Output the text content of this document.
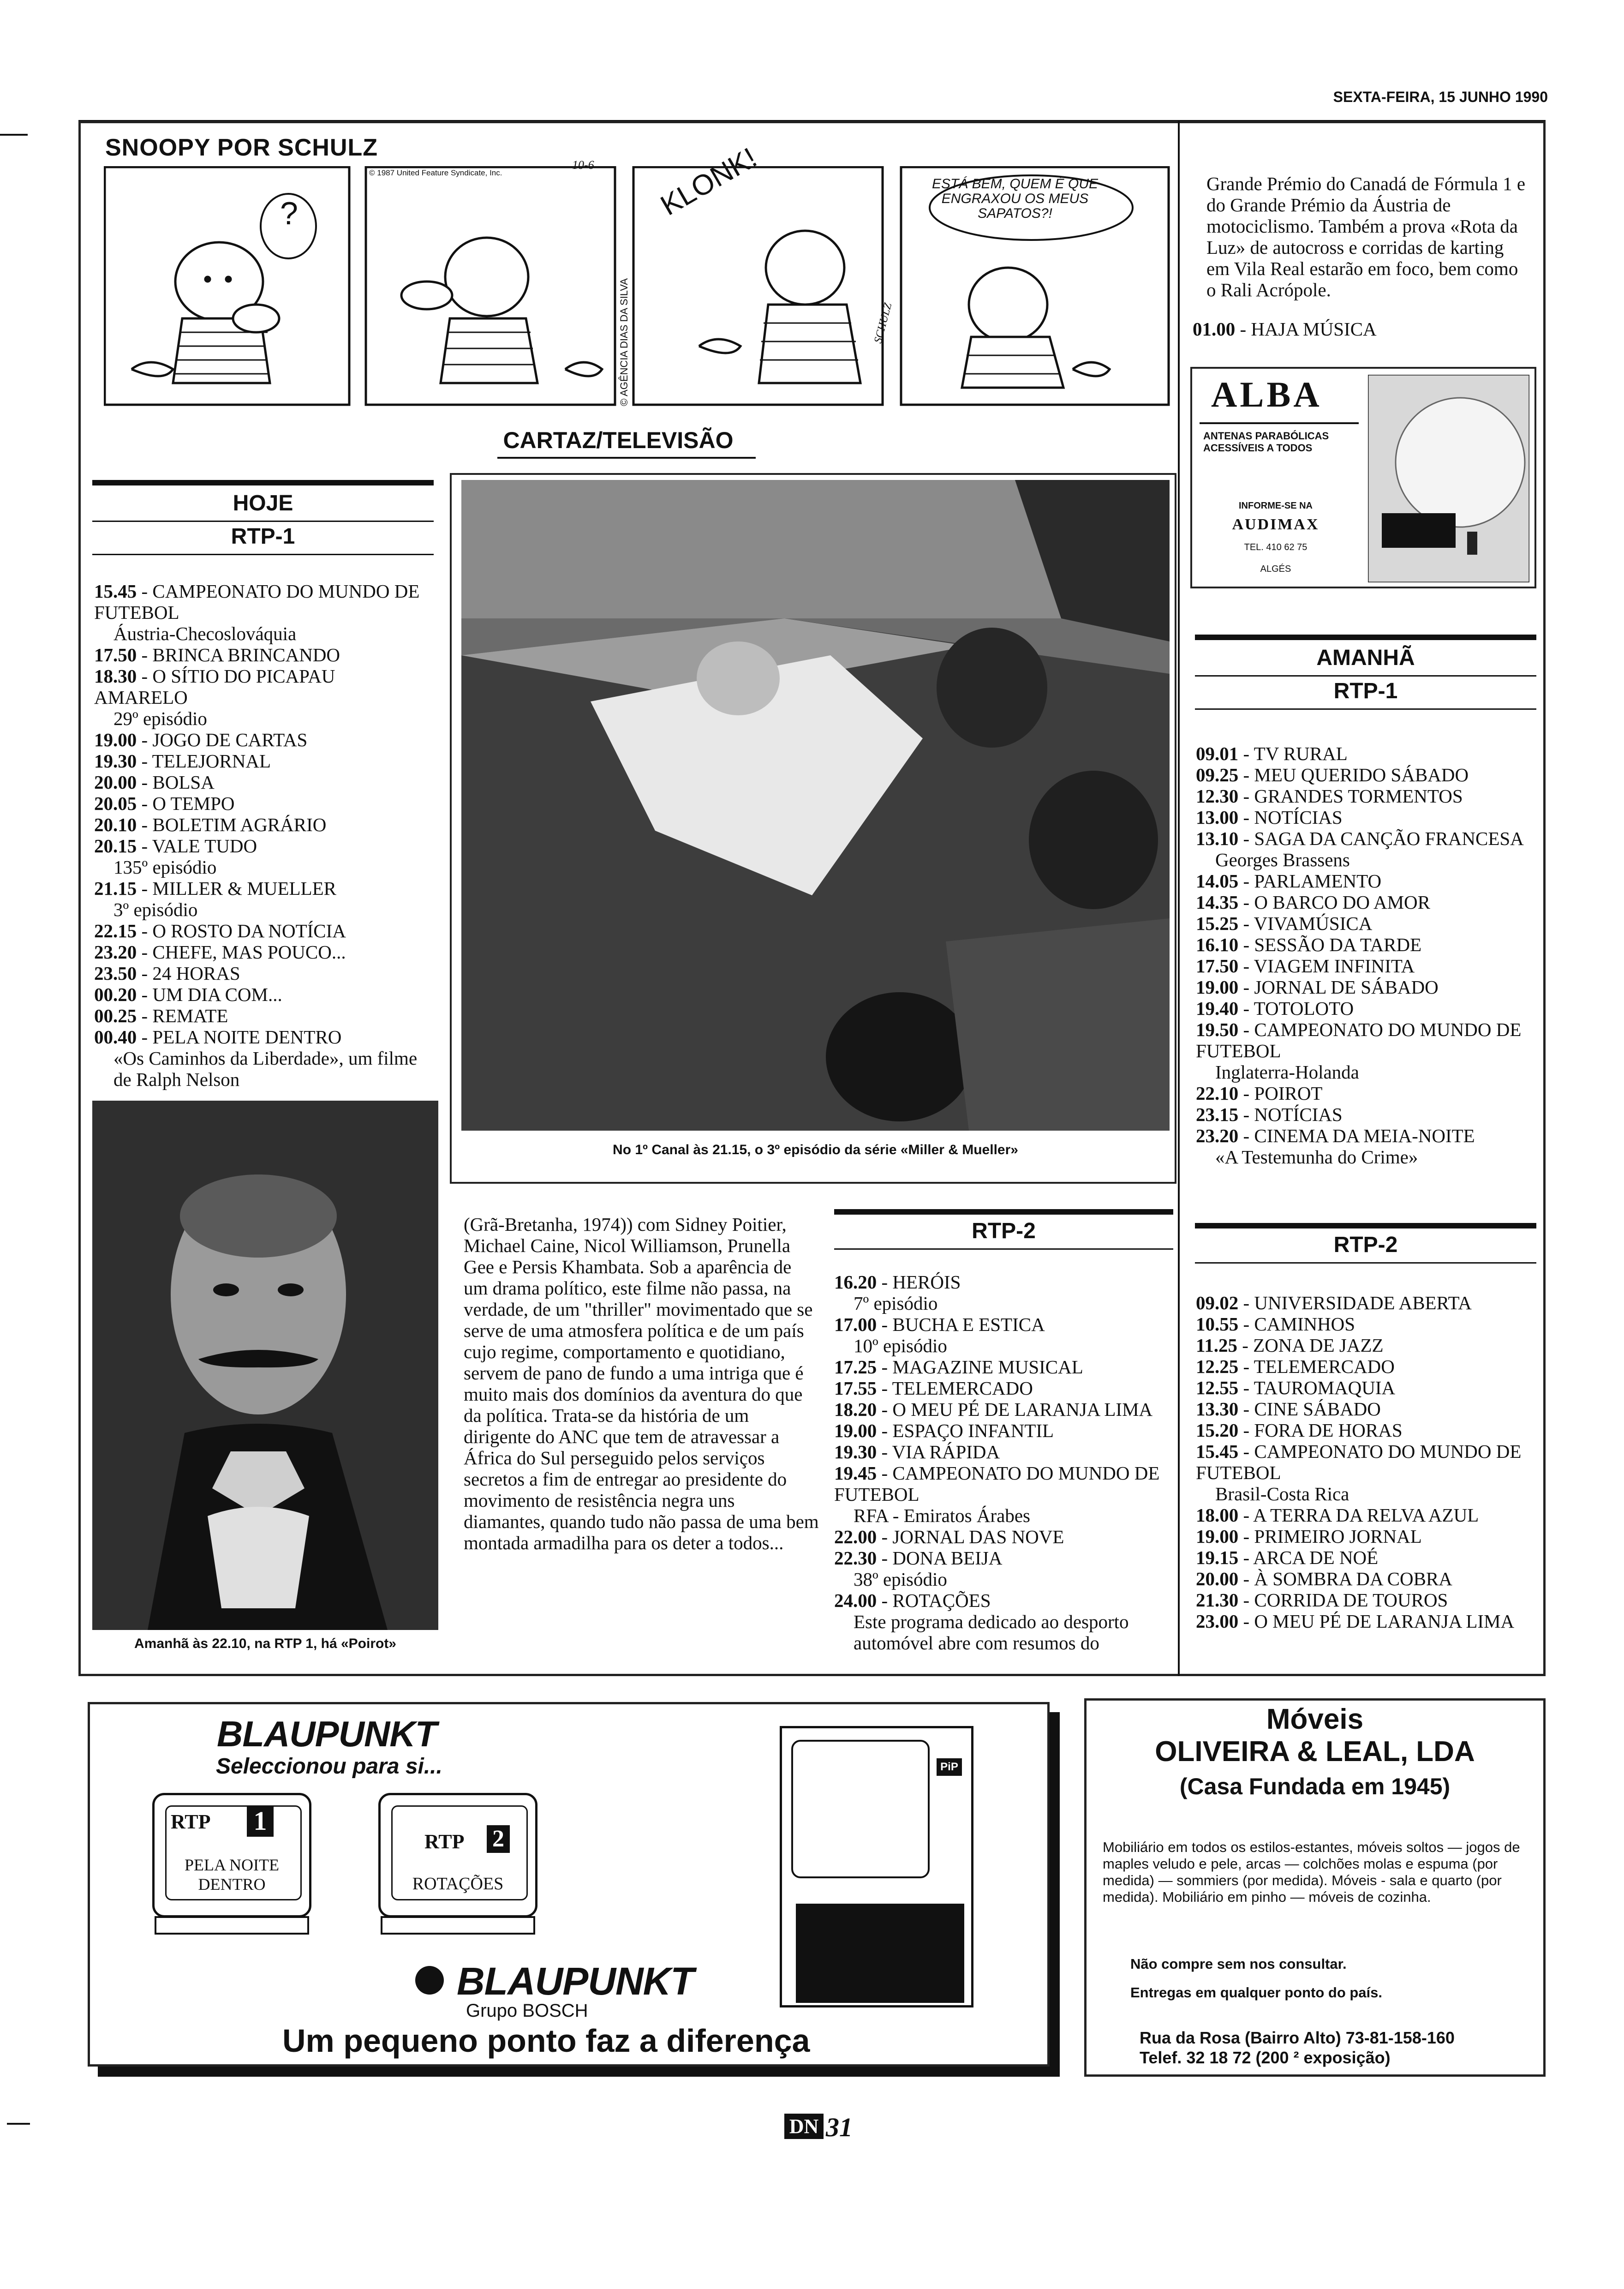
SEXTA-FEIRA, 15 JUNHO 1990
SNOOPY POR SCHULZ
?
© 1987 United Feature Syndicate, Inc.
10-6
© AGÊNCIA DIAS DA SILVA
KLONK!	ESTÁ BEM, QUEM É QUE ENGRAXOU OS MEUS SAPATOS?!
SCHULZ
CARTAZ/TELEVISÃO
HOJE
RTP-1
15.45 - CAMPEONATO DO MUNDO DE FUTEBOL
Áustria-Checoslováquia
17.50 - BRINCA BRINCANDO
18.30 - O SÍTIO DO PICAPAU AMARELO
29º episódio
19.00 - JOGO DE CARTAS
19.30 - TELEJORNAL
20.00 - BOLSA
20.05 - O TEMPO
20.10 - BOLETIM AGRÁRIO
20.15 - VALE TUDO
135º episódio
21.15 - MILLER & MUELLER
3º episódio
22.15 - O ROSTO DA NOTÍCIA
23.20 - CHEFE, MAS POUCO...
23.50 - 24 HORAS
00.20 - UM DIA COM...
00.25 - REMATE
00.40 - PELA NOITE DENTRO
«Os Caminhos da Liberdade», um filme de Ralph Nelson
Amanhã às 22.10, na RTP 1, há «Poirot»
No 1º Canal às 21.15, o 3º episódio da série «Miller & Mueller»

(Grã-Bretanha, 1974)) com Sidney Poitier, Michael Caine, Nicol Williamson, Prunella Gee e Persis Khambata. Sob a aparência de um drama político, este filme não passa, na verdade, de um "thriller" movimentado que se serve de uma atmosfera política e de um país cujo regime, comportamento e quotidiano, servem de pano de fundo a uma intriga que é muito mais dos domínios da aventura do que da política. Trata-se da história de um dirigente do ANC que tem de atravessar a África do Sul perseguido pelos serviços secretos a fim de entregar ao presidente do movimento de resistência negra uns diamantes, quando tudo não passa de uma bem montada armadilha para os deter a todos...

RTP-2
16.20 - HERÓIS
7º episódio
17.00 - BUCHA E ESTICA
10º episódio
17.25 - MAGAZINE MUSICAL
17.55 - TELEMERCADO
18.20 - O MEU PÉ DE LARANJA LIMA
19.00 - ESPAÇO INFANTIL
19.30 - VIA RÁPIDA
19.45 - CAMPEONATO DO MUNDO DE FUTEBOL
RFA - Emiratos Árabes
22.00 - JORNAL DAS NOVE
22.30 - DONA BEIJA
38º episódio
24.00 - ROTAÇÕES
Este programa dedicado ao desporto automóvel abre com resumos do

Grande Prémio do Canadá de Fórmula 1 e do Grande Prémio da Áustria de motociclismo. Também a prova «Rota da Luz» de autocross e corridas de karting em Vila Real estarão em foco, bem como o Rali Acrópole.

01.00 - HAJA MÚSICA
ALBA
ANTENAS PARABÓLICAS ACESSÍVEIS A TODOS
INFORME-SE NA
AUDIMAX
TEL. 410 62 75
ALGÉS
AMANHÃ
RTP-1
09.01 - TV RURAL
09.25 - MEU QUERIDO SÁBADO
12.30 - GRANDES TORMENTOS
13.00 - NOTÍCIAS
13.10 - SAGA DA CANÇÃO FRANCESA
Georges Brassens
14.05 - PARLAMENTO
14.35 - O BARCO DO AMOR
15.25 - VIVAMÚSICA
16.10 - SESSÃO DA TARDE
17.50 - VIAGEM INFINITA
19.00 - JORNAL DE SÁBADO
19.40 - TOTOLOTO
19.50 - CAMPEONATO DO MUNDO DE FUTEBOL
Inglaterra-Holanda
22.10 - POIROT
23.15 - NOTÍCIAS
23.20 - CINEMA DA MEIA-NOITE
«A Testemunha do Crime»
RTP-2
09.02 - UNIVERSIDADE ABERTA
10.55 - CAMINHOS
11.25 - ZONA DE JAZZ
12.25 - TELEMERCADO
12.55 - TAUROMAQUIA
13.30 - CINE SÁBADO
15.20 - FORA DE HORAS
15.45 - CAMPEONATO DO MUNDO DE FUTEBOL
Brasil-Costa Rica
18.00 - A TERRA DA RELVA AZUL
19.00 - PRIMEIRO JORNAL
19.15 - ARCA DE NOÉ
20.00 - À SOMBRA DA COBRA
21.30 - CORRIDA DE TOUROS
23.00 - O MEU PÉ DE LARANJA LIMA
BLAUPUNKT
Seleccionou para si...
RTP 1
PELA NOITE DENTRO
RTP 2
ROTAÇÕES
PiP
BLAUPUNKT
Grupo BOSCH
Um pequeno ponto faz a diferença
Móveis
OLIVEIRA & LEAL, LDA
(Casa Fundada em 1945)

Mobiliário em todos os estilos-estantes, móveis soltos — jogos de maples veludo e pele, arcas — colchões molas e espuma (por medida) — sommiers (por medida). Móveis - sala e quarto (por medida). Mobiliário em pinho — móveis de cozinha.

Não compre sem nos consultar.
Entregas em qualquer ponto do país.
Rua da Rosa (Bairro Alto) 73-81-158-160
Telef. 32 18 72 (200 ² exposição)
DN 31
